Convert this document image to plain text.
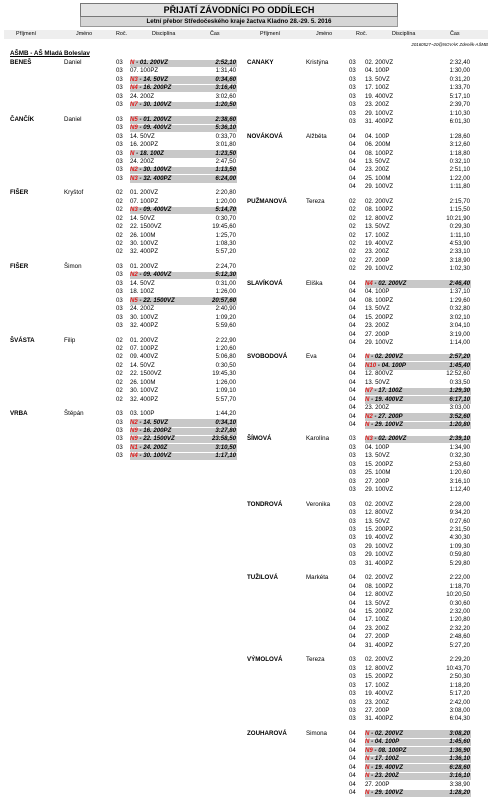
PŘIJATÍ ZÁVODNÍCI PO ODDÍLECH
Letní přebor Středočeského kraje žactva Kladno 28.-29. 5. 2016
Příjmení	Jméno	Roč.	Disciplína	Čas	Příjmení	Jméno	Roč.	Disciplína	Čas
20160527~20@NOVÁK Zdeněk-AŠMB
AŠMB - AŠ Mladá Boleslav
BENEŠ	Daniel	03 N - 01. 200VZ	2:52,10
03 07. 100PZ	1:31,40
03 N3 - 14. 50VZ	0:34,60
03 N4 - 16. 200PZ	3:16,40
03 24. 200Z	3:02,60
03 N7 - 30. 100VZ	1:20,50
ČANČÍK	Daniel	03 N5 - 01. 200VZ	2:38,60
03 N9 - 09. 400VZ	5:36,10
03 14. 50VZ	0:33,70
03 16. 200PZ	3:01,80
03 N - 18. 100Z	1:23,50
03 24. 200Z	2:47,50
03 N2 - 30. 100VZ	1:13,50
03 N3 - 32. 400PZ	6:24,00
FIŠER	Kryštof	02 01. 200VZ	2:20,80
02 07. 100PZ	1:20,00
02 N3 - 09. 400VZ	5:14,70
02 14. 50VZ	0:30,70
02 22. 1500VZ	19:45,60
02 26. 100M	1:25,70
02 30. 100VZ	1:08,30
02 32. 400PZ	5:57,20
FIŠER	Šimon	03 01. 200VZ	2:24,70
03 N2 - 09. 400VZ	5:12,30
03 14. 50VZ	0:31,00
03 18. 100Z	1:26,00
03 N5 - 22. 1500VZ	20:57,60
03 24. 200Z	2:40,90
03 30. 100VZ	1:09,20
03 32. 400PZ	5:59,60
ŠVÁSTA	Filip	02 01. 200VZ	2:22,90
02 07. 100PZ	1:20,60
02 09. 400VZ	5:06,80
02 14. 50VZ	0:30,50
02 22. 1500VZ	19:45,30
02 26. 100M	1:26,00
02 30. 100VZ	1:09,10
02 32. 400PZ	5:57,70
VRBA	Štěpán	03 03. 100P	1:44,20
03 N2 - 14. 50VZ	0:34,10
03 N9 - 16. 200PZ	3:27,80
03 N9 - 22. 1500VZ	23:58,50
03 N1 - 24. 200Z	3:10,50
03 N4 - 30. 100VZ	1:17,10
CANAKY	Kristýna	03 02. 200VZ	2:32,40
03 04. 100P	1:30,00
03 13. 50VZ	0:31,20
03 17. 100Z	1:33,70
03 19. 400VZ	5:17,10
03 23. 200Z	2:39,70
03 29. 100VZ	1:10,30
03 31. 400PZ	6:01,30
NOVÁKOVÁ	Alžběta	04 04. 100P	1:28,60
04 06. 200M	3:12,60
04 08. 100PZ	1:18,80
04 13. 50VZ	0:32,10
04 23. 200Z	2:51,10
04 25. 100M	1:22,00
04 29. 100VZ	1:11,80
PUŽMANOVÁ	Tereza	02 02. 200VZ	2:15,70
02 08. 100PZ	1:15,50
02 12. 800VZ	10:21,90
02 13. 50VZ	0:29,30
02 17. 100Z	1:11,10
02 19. 400VZ	4:53,90
02 23. 200Z	2:33,10
02 27. 200P	3:18,90
02 29. 100VZ	1:02,30
SLAVÍKOVÁ	Eliška	04 N4 - 02. 200VZ	2:46,40
04 04. 100P	1:37,10
04 08. 100PZ	1:29,60
04 13. 50VZ	0:32,80
04 15. 200PZ	3:02,10
04 23. 200Z	3:04,10
04 27. 200P	3:19,00
04 29. 100VZ	1:14,00
SVOBODOVÁ	Eva	04 N - 02. 200VZ	2:57,20
04 N10 - 04. 100P	1:45,40
04 12. 800VZ	12:52,60
04 13. 50VZ	0:33,50
04 N7 - 17. 100Z	1:29,30
04 N - 19. 400VZ	6:17,10
04 23. 200Z	3:03,00
04 N2 - 27. 200P	3:52,60
04 N - 29. 100VZ	1:20,80
ŠÍMOVÁ	Karolína	03 N3 - 02. 200VZ	2:39,10
03 04. 100P	1:34,90
03 13. 50VZ	0:32,30
03 15. 200PZ	2:53,60
03 25. 100M	1:20,60
03 27. 200P	3:16,10
03 29. 100VZ	1:12,40
TONDROVÁ	Veronika	03 02. 200VZ	2:28,00
03 12. 800VZ	9:34,20
03 13. 50VZ	0:27,60
03 15. 200PZ	2:31,50
03 19. 400VZ	4:30,30
03 29. 100VZ	1:09,30
03 29. 100VZ	0:59,80
03 31. 400PZ	5:29,80
TUŽILOVÁ	Markéta	04 02. 200VZ	2:22,00
04 08. 100PZ	1:18,70
04 12. 800VZ	10:20,50
04 13. 50VZ	0:30,60
04 15. 200PZ	2:32,00
04 17. 100Z	1:20,80
04 23. 200Z	2:32,20
04 27. 200P	2:48,60
04 31. 400PZ	5:27,20
VÝMOLOVÁ	Tereza	03 02. 200VZ	2:29,20
03 12. 800VZ	10:43,70
03 15. 200PZ	2:50,30
03 17. 100Z	1:18,20
03 19. 400VZ	5:17,20
03 23. 200Z	2:42,00
03 27. 200P	3:08,00
03 31. 400PZ	6:04,30
ZOUHAROVÁ	Simona	04 N - 02. 200VZ	3:08,20
04 N - 04. 100P	1:45,60
04 N9 - 08. 100PZ	1:36,90
04 N - 17. 100Z	1:36,10
04 N - 19. 400VZ	6:28,60
04 N - 23. 200Z	3:16,10
04 27. 200P	3:38,90
04 N - 29. 100VZ	1:28,20
